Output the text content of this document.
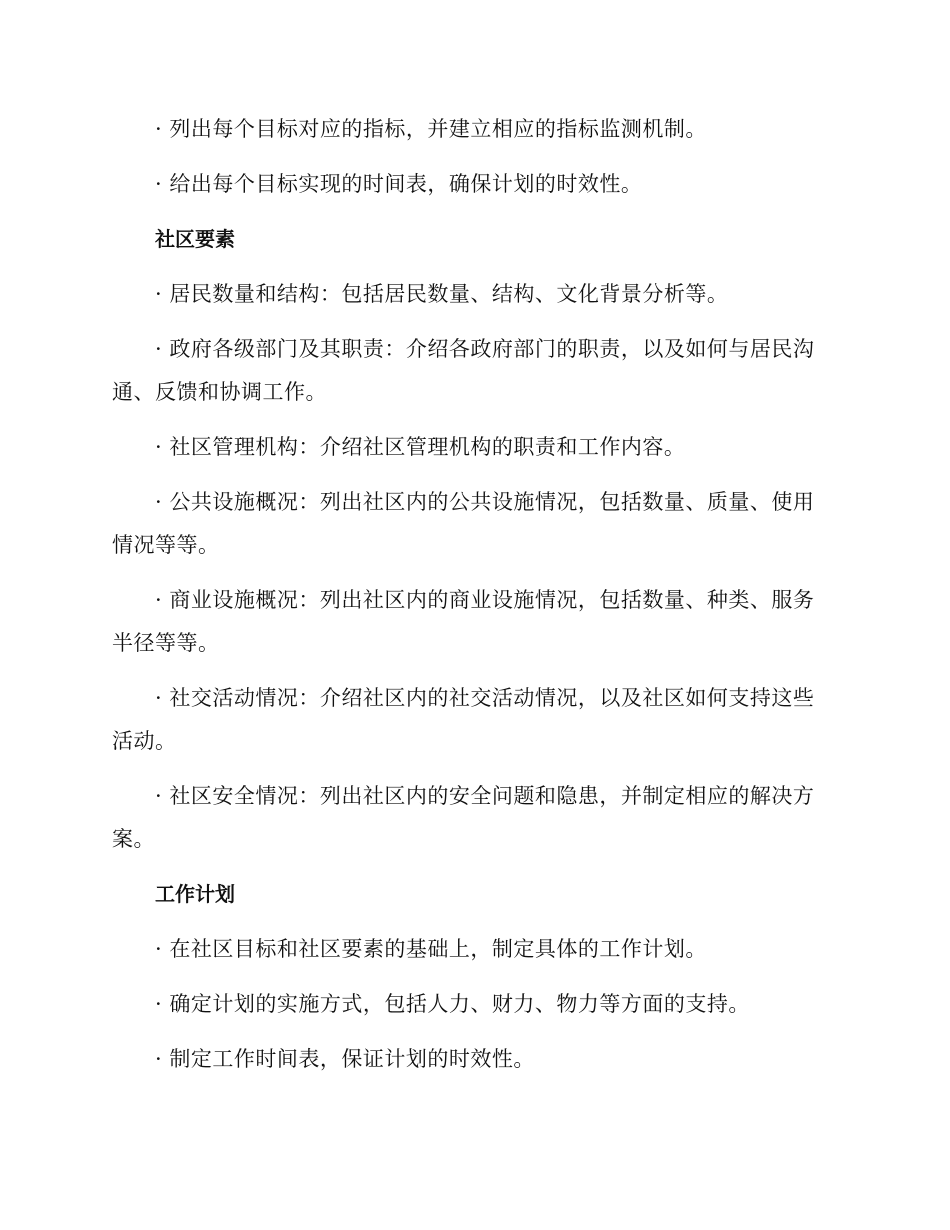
· 列出每个目标对应的指标，并建立相应的指标监测机制。

· 给出每个目标实现的时间表，确保计划的时效性。

社区要素

· 居民数量和结构：包括居民数量、结构、文化背景分析等。

· 政府各级部门及其职责：介绍各政府部门的职责，以及如何与居民沟通、反馈和协调工作。

· 社区管理机构：介绍社区管理机构的职责和工作内容。

· 公共设施概况：列出社区内的公共设施情况，包括数量、质量、使用情况等等。

· 商业设施概况：列出社区内的商业设施情况，包括数量、种类、服务半径等等。

· 社交活动情况：介绍社区内的社交活动情况，以及社区如何支持这些活动。

· 社区安全情况：列出社区内的安全问题和隐患，并制定相应的解决方案。

工作计划

· 在社区目标和社区要素的基础上，制定具体的工作计划。

· 确定计划的实施方式，包括人力、财力、物力等方面的支持。

· 制定工作时间表，保证计划的时效性。
